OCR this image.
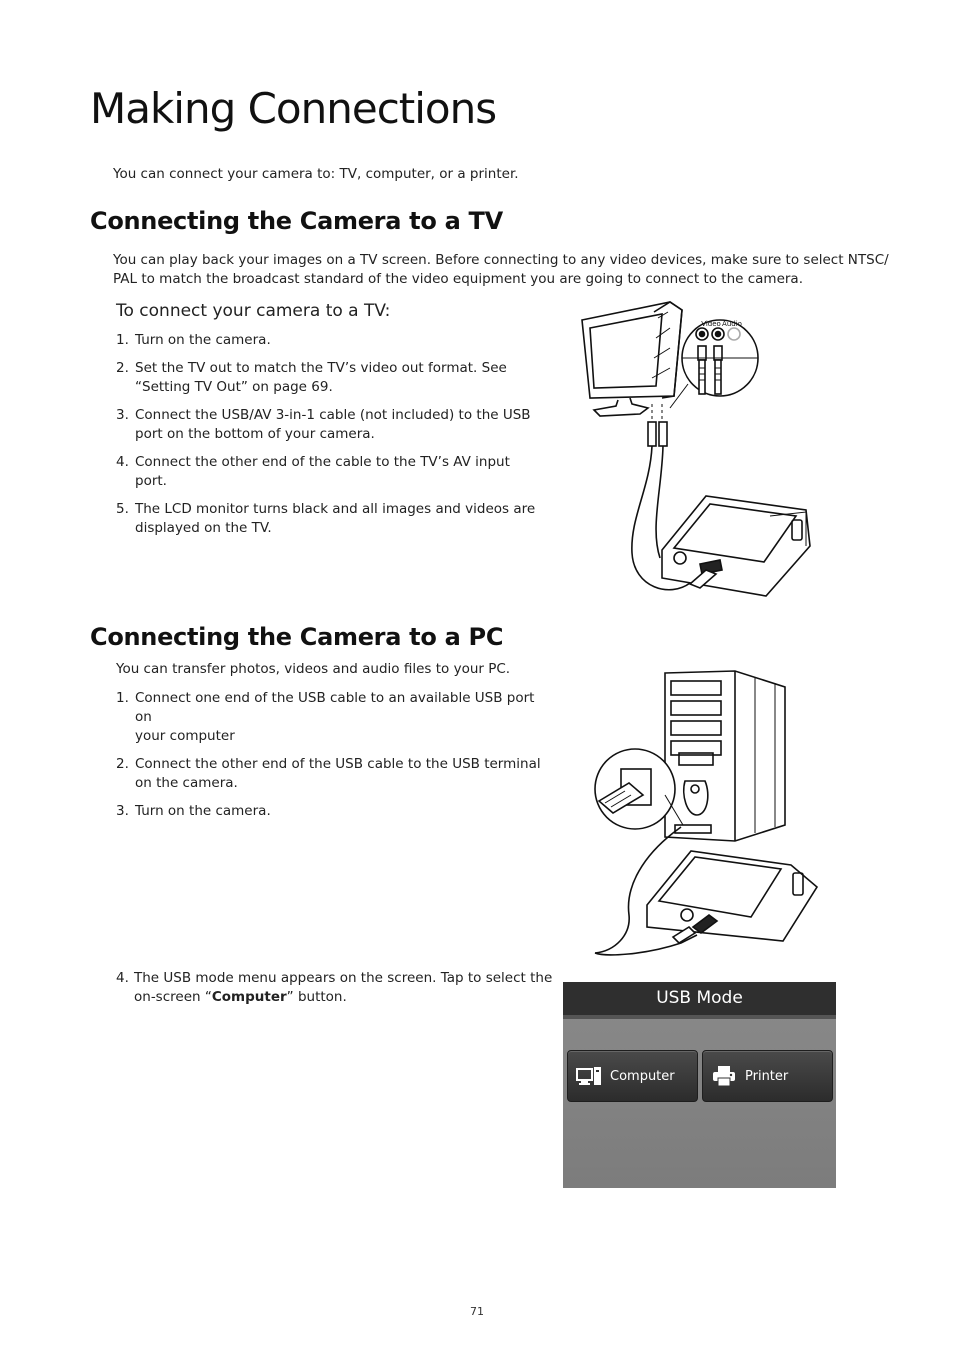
Making Connections
You can connect your camera to: TV, computer, or a printer.
Connecting the Camera to a TV
You can play back your images on a TV screen. Before connecting to any video devices, make sure to select NTSC/
PAL to match the broadcast standard of the video equipment you are going to connect to the camera.
To connect your camera to a TV:
1. Turn on the camera.
2. Set the TV out to match the TV’s video out format. See
“Setting TV Out” on page 69.
3. Connect the USB/AV 3-in-1 cable (not included) to the USB
port on the bottom of your camera.
4. Connect the other end of the cable to the TV’s AV input port.
5. The LCD monitor turns black and all images and videos are
displayed on the TV.
Video Audio
Connecting the Camera to a PC
You can transfer photos, videos and audio files to your PC.
1. Connect one end of the USB cable to an available USB port on
your computer
2. Connect the other end of the USB cable to the USB terminal
on the camera.
3. Turn on the camera.
4. The USB mode menu appears on the screen. Tap to select the
on-screen “Computer” button.	USB Mode
Computer	Printer
71
